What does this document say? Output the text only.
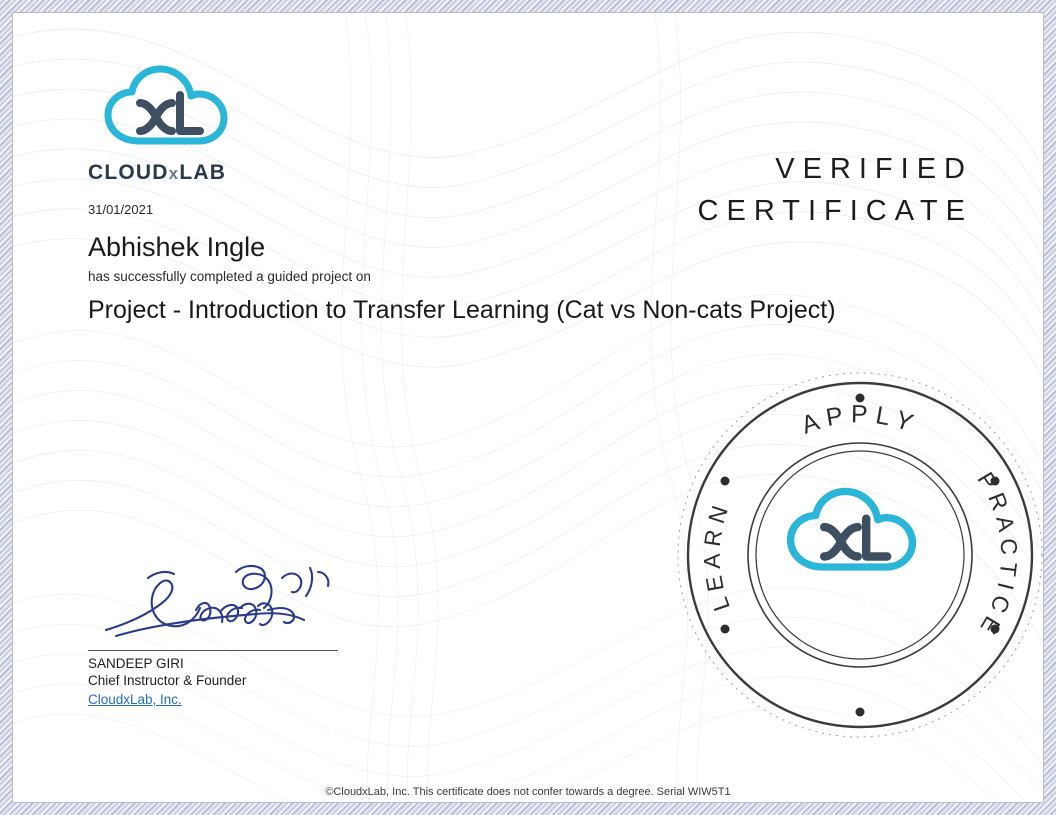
CLOUDxLAB	VERIFIED
CERTIFICATE
31/01/2021
Abhishek Ingle
has successfully completed a guided project on
Project - Introduction to Transfer Learning (Cat vs Non-cats Project)
SANDEEP GIRI
Chief Instructor & Founder
CloudxLab, Inc.
APPLY
PRACTICE
LEARN
©CloudxLab, Inc. This certificate does not confer towards a degree. Serial WIW5T1
